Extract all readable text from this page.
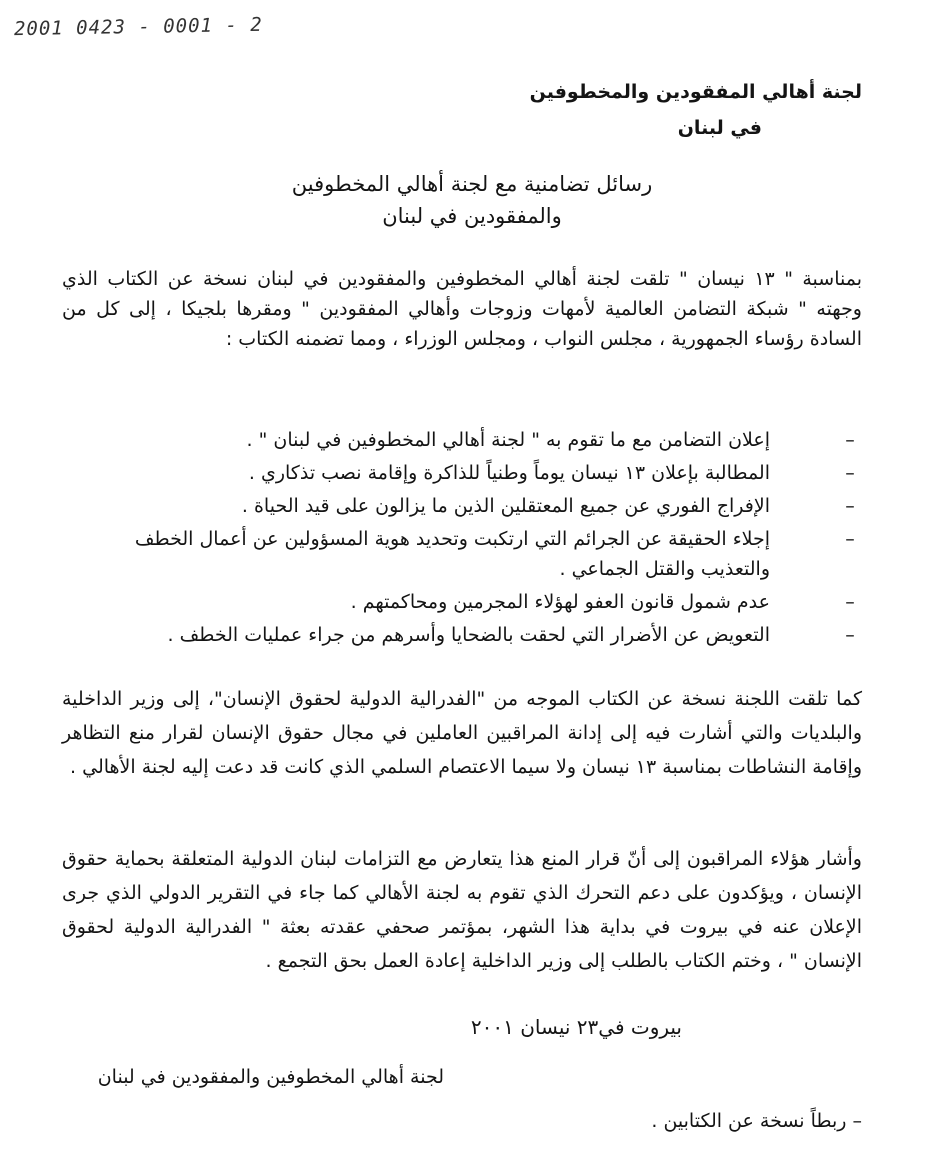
2001 0423 - 0001 - 2
لجنة أهالي المفقودين والمخطوفين
في لبنان
رسائل تضامنية مع لجنة أهالي المخطوفين
والمفقودين في لبنان
بمناسبة " ١٣ نيسان " تلقت لجنة أهالي المخطوفين والمفقودين في لبنان نسخة عن الكتاب الذي وجهته " شبكة التضامن العالمية لأمهات وزوجات وأهالي المفقودين " ومقرها بلجيكا ، إلى كل من السادة رؤساء الجمهورية ، مجلس النواب ، ومجلس الوزراء ، ومما تضمنه الكتاب :
–
إعلان التضامن مع ما تقوم به " لجنة أهالي المخطوفين في لبنان " .
–
المطالبة بإعلان ١٣ نيسان يوماً وطنياً للذاكرة وإقامة نصب تذكاري .
–
الإفراج الفوري عن جميع المعتقلين الذين ما يزالون على قيد الحياة .
–
إجلاء الحقيقة عن الجرائم التي ارتكبت وتحديد هوية المسؤولين عن أعمال الخطف والتعذيب والقتل الجماعي .
–
عدم شمول قانون العفو لهؤلاء المجرمين ومحاكمتهم .
–
التعويض عن الأضرار التي لحقت بالضحايا وأسرهم من جراء عمليات الخطف .
كما تلقت اللجنة نسخة عن الكتاب الموجه من "الفدرالية الدولية لحقوق الإنسان"، إلى وزير الداخلية والبلديات والتي أشارت فيه إلى إدانة المراقبين العاملين في مجال حقوق الإنسان لقرار منع التظاهر وإقامة النشاطات بمناسبة ١٣ نيسان ولا سيما الاعتصام السلمي الذي كانت قد دعت إليه لجنة الأهالي .
وأشار هؤلاء المراقبون إلى أنّ قرار المنع هذا يتعارض مع التزامات لبنان الدولية المتعلقة بحماية حقوق الإنسان ، ويؤكدون على دعم التحرك الذي تقوم به لجنة الأهالي كما جاء في التقرير الدولي الذي جرى الإعلان عنه في بيروت في بداية هذا الشهر، بمؤتمر صحفي عقدته بعثة " الفدرالية الدولية لحقوق الإنسان " ، وختم الكتاب بالطلب إلى وزير الداخلية إعادة العمل بحق التجمع .
بيروت في٢٣ نيسان ٢٠٠١
لجنة أهالي المخطوفين والمفقودين في لبنان
– ربطاً نسخة عن الكتابين .
